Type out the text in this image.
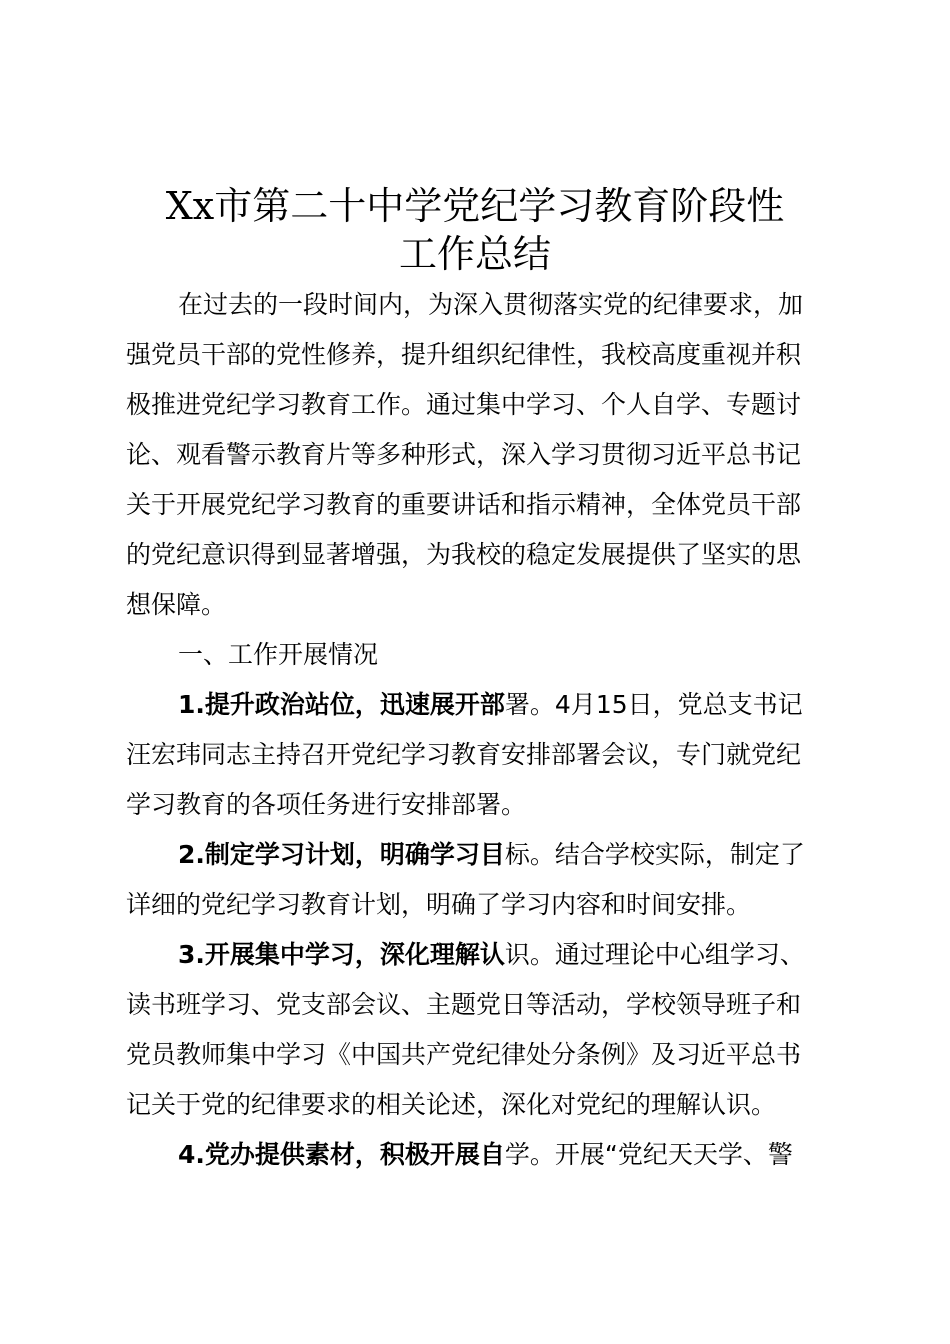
Xx市第二十中学党纪学习教育阶段性
工作总结

在过去的一段时间内，为深入贯彻落实党的纪律要求，加

强党员干部的党性修养，提升组织纪律性，我校高度重视并积

极推进党纪学习教育工作。通过集中学习、个人自学、专题讨

论、观看警示教育片等多种形式，深入学习贯彻习近平总书记

关于开展党纪学习教育的重要讲话和指示精神，全体党员干部

的党纪意识得到显著增强，为我校的稳定发展提供了坚实的思

想保障。

一、工作开展情况

1.提升政治站位，迅速展开部署。4月15日，党总支书记

汪宏玮同志主持召开党纪学习教育安排部署会议，专门就党纪

学习教育的各项任务进行安排部署。

2.制定学习计划，明确学习目标。结合学校实际，制定了

详细的党纪学习教育计划，明确了学习内容和时间安排。

3.开展集中学习，深化理解认识。通过理论中心组学习、

读书班学习、党支部会议、主题党日等活动，学校领导班子和

党员教师集中学习《中国共产党纪律处分条例》及习近平总书

记关于党的纪律要求的相关论述，深化对党纪的理解认识。

4.党办提供素材，积极开展自学。开展“党纪天天学、警
